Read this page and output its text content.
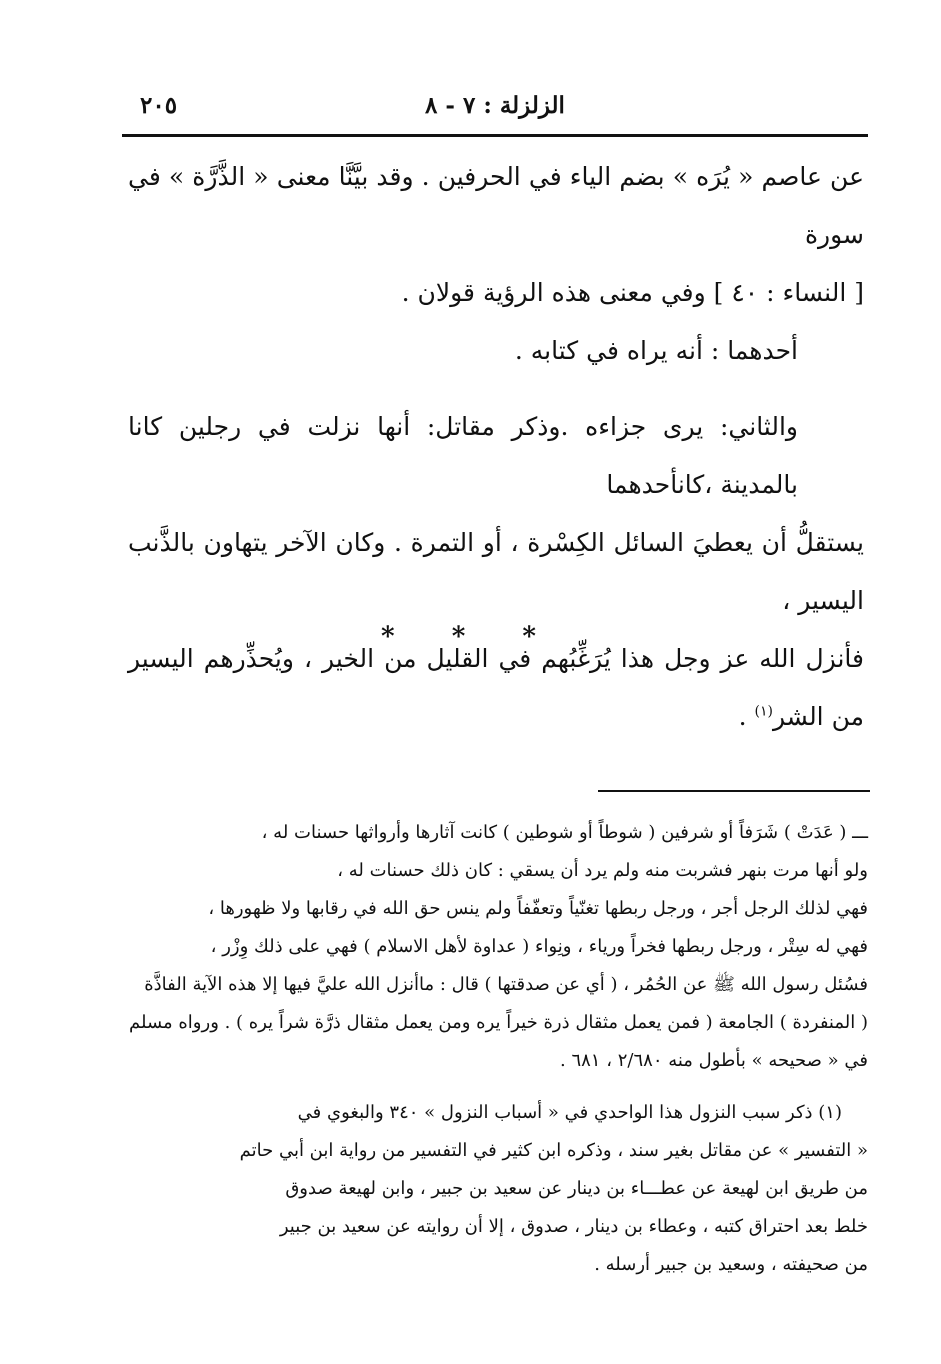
الزلزلة : ٧ - ٨
٢٠٥

عن عاصم « يُرَه » بضم الياء في الحرفين . وقد بيَّنَّا معنى « الذَّرَّة » في سورة

[ النساء : ٤٠ ] وفي معنى هذه الرؤية قولان .

أحدهما : أنه يراه في كتابه .

والثاني: يرى جزاءه .وذكر مقاتل: أنها نزلت في رجلين كانا بالمدينة ،كانأحدهما

يستقلُّ أن يعطيَ السائل الكِسْرة ، أو التمرة . وكان الآخر يتهاون بالذَّنب اليسير ،

فأنزل الله عز وجل هذا يُرَغِّبُهم في القليل من الخير ، ويُحذِّرهم اليسير من الشر$^{(١)}$ .

* * *

ـــ ( عَدَتْ ) شَرَفاً أو شرفين ( شوطاً أو شوطين ) كانت آثارها وأرواثها حسنات له ،

ولو أنها مرت بنهر فشربت منه ولم يرد أن يسقي : كان ذلك حسنات له ،

فهي لذلك الرجل أجر ، ورجل ربطها تغنّياً وتعفّفاً ولم ينس حق الله في رقابها ولا ظهورها ،

فهي له سِتْر ، ورجل ربطها فخراً ورياء ، ونِواء ( عداوة لأهل الاسلام ) فهي على ذلك وِزْر ،

فسُئل رسول الله ﷺ عن الحُمُر ، ( أي عن صدقتها ) قال : ماأنزل الله عليَّ فيها إلا هذه الآية الفاذَّة

( المنفردة ) الجامعة ( فمن يعمل مثقال ذرة خيراً يره ومن يعمل مثقال ذرَّة شراً يره ) . ورواه مسلم

في « صحيحه » بأطول منه ٢/٦٨٠ ، ٦٨١ .

(١) ذكر سبب النزول هذا الواحدي في « أسباب النزول » ٣٤٠ والبغوي في

« التفسير » عن مقاتل بغير سند ، وذكره ابن كثير في التفسير من رواية ابن أبي حاتم

من طريق ابن لهيعة عن عطـــاء بن دينار عن سعيد بن جبير ، وابن لهيعة صدوق

خلط بعد احتراق كتبه ، وعطاء بن دينار ، صدوق ، إلا أن روايته عن سعيد بن جبير

من صحيفته ، وسعيد بن جبير أرسله .
